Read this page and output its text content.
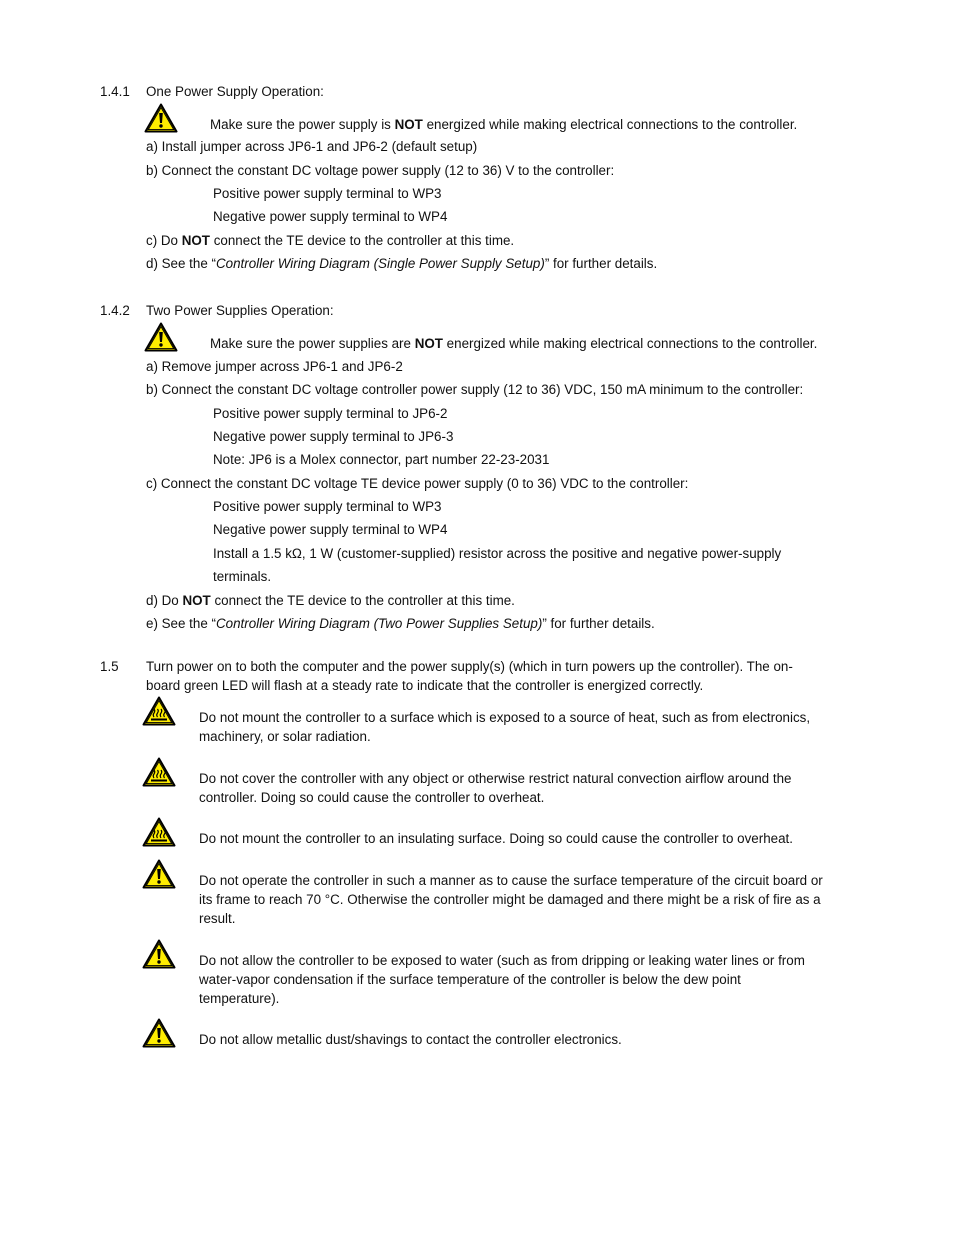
1.4.1 One Power Supply Operation:
Make sure the power supply is NOT energized while making electrical connections to the controller.
a) Install jumper across JP6-1 and JP6-2 (default setup)
b) Connect the constant DC voltage power supply (12 to 36) V to the controller:
Positive power supply terminal to WP3
Negative power supply terminal to WP4
c) Do NOT connect the TE device to the controller at this time.
d) See the “Controller Wiring Diagram (Single Power Supply Setup)” for further details.
1.4.2 Two Power Supplies Operation:
Make sure the power supplies are NOT energized while making electrical connections to the controller.
a) Remove jumper across JP6-1 and JP6-2
b) Connect the constant DC voltage controller power supply (12 to 36) VDC, 150 mA minimum to the controller:
Positive power supply terminal to JP6-2
Negative power supply terminal to JP6-3
Note: JP6 is a Molex connector, part number 22-23-2031
c) Connect the constant DC voltage TE device power supply (0 to 36) VDC to the controller:
Positive power supply terminal to WP3
Negative power supply terminal to WP4
Install a 1.5 kΩ, 1 W (customer-supplied) resistor across the positive and negative power-supply
terminals.
d) Do NOT connect the TE device to the controller at this time.
e) See the “Controller Wiring Diagram (Two Power Supplies Setup)” for further details.
1.5 Turn power on to both the computer and the power supply(s) (which in turn powers up the controller). The on-
board green LED will flash at a steady rate to indicate that the controller is energized correctly.
Do not mount the controller to a surface which is exposed to a source of heat, such as from electronics,
machinery, or solar radiation.
Do not cover the controller with any object or otherwise restrict natural convection airflow around the
controller. Doing so could cause the controller to overheat.
Do not mount the controller to an insulating surface. Doing so could cause the controller to overheat.
Do not operate the controller in such a manner as to cause the surface temperature of the circuit board or
its frame to reach 70 °C. Otherwise the controller might be damaged and there might be a risk of fire as a
result.
Do not allow the controller to be exposed to water (such as from dripping or leaking water lines or from
water-vapor condensation if the surface temperature of the controller is below the dew point
temperature).
Do not allow metallic dust/shavings to contact the controller electronics.
